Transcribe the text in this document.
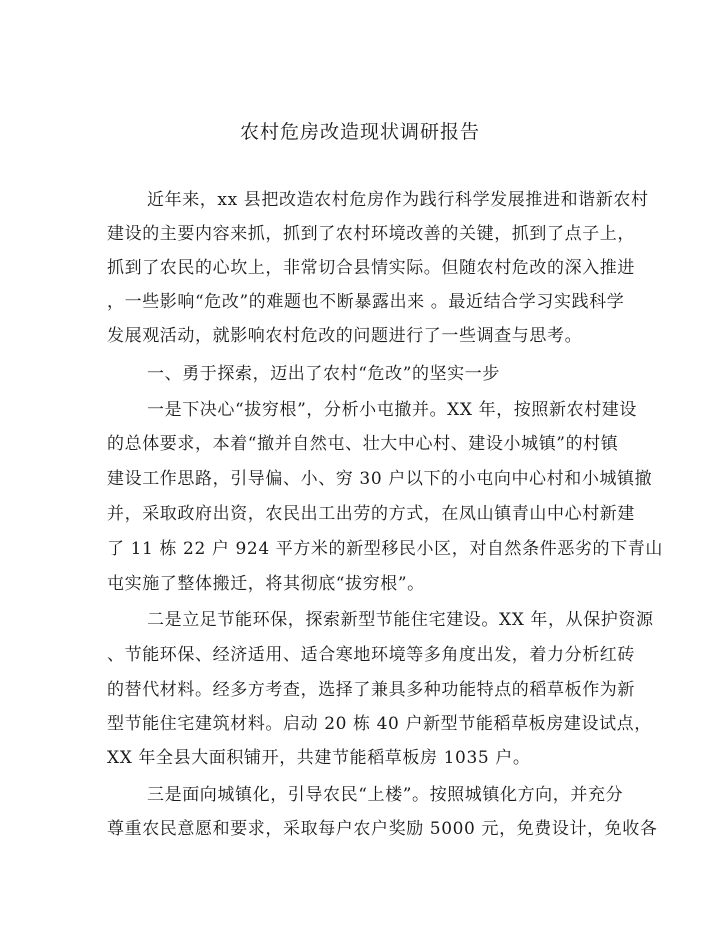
农村危房改造现状调研报告
近年来，xx 县把改造农村危房作为践行科学发展推进和谐新农村
建设的主要内容来抓，抓到了农村环境改善的关键，抓到了点子上，
抓到了农民的心坎上，非常切合县情实际。但随农村危改的深入推进
，一些影响“危改”的难题也不断暴露出来 。最近结合学习实践科学
发展观活动，就影响农村危改的问题进行了一些调查与思考。
一、勇于探索，迈出了农村“危改”的坚实一步
一是下决心“拔穷根”，分析小屯撤并。XX 年，按照新农村建设
的总体要求，本着“撤并自然屯、壮大中心村、建设小城镇”的村镇
建设工作思路，引导偏、小、穷 30 户以下的小屯向中心村和小城镇撤
并，采取政府出资，农民出工出劳的方式，在凤山镇青山中心村新建
了 11 栋 22 户 924 平方米的新型移民小区，对自然条件恶劣的下青山
屯实施了整体搬迁，将其彻底“拔穷根”。
二是立足节能环保，探索新型节能住宅建设。XX 年，从保护资源
、节能环保、经济适用、适合寒地环境等多角度出发，着力分析红砖
的替代材料。经多方考查，选择了兼具多种功能特点的稻草板作为新
型节能住宅建筑材料。启动 20 栋 40 户新型节能稻草板房建设试点，
XX 年全县大面积铺开，共建节能稻草板房 1035 户。
三是面向城镇化，引导农民“上楼”。按照城镇化方向，并充分
尊重农民意愿和要求，采取每户农户奖励 5000 元，免费设计，免收各
